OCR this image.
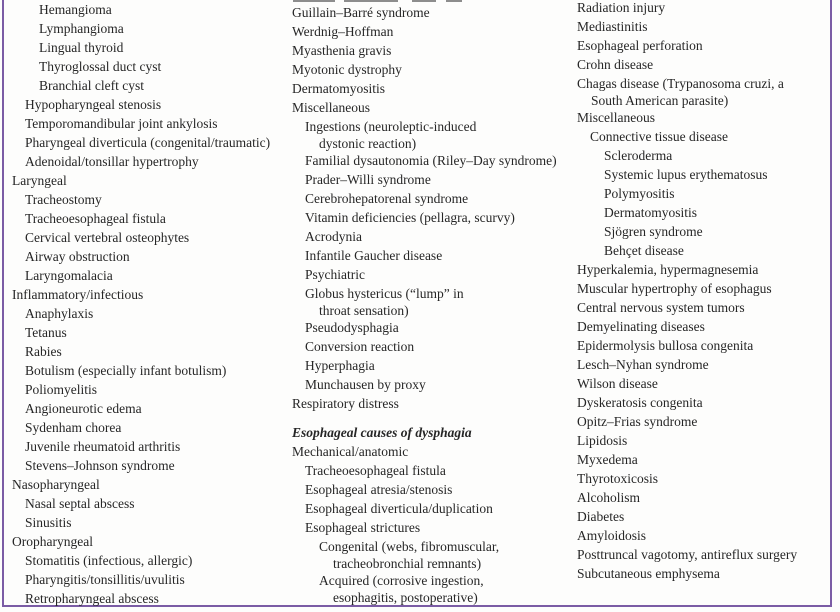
Hemangioma
Lymphangioma
Lingual thyroid
Thyroglossal duct cyst
Branchial cleft cyst
Hypopharyngeal stenosis
Temporomandibular joint ankylosis
Pharyngeal diverticula (congenital/traumatic)
Adenoidal/tonsillar hypertrophy
Laryngeal
Tracheostomy
Tracheoesophageal fistula
Cervical vertebral osteophytes
Airway obstruction
Laryngomalacia
Inflammatory/infectious
Anaphylaxis
Tetanus
Rabies
Botulism (especially infant botulism)
Poliomyelitis
Angioneurotic edema
Sydenham chorea
Juvenile rheumatoid arthritis
Stevens–Johnson syndrome
Nasopharyngeal
Nasal septal abscess
Sinusitis
Oropharyngeal
Stomatitis (infectious, allergic)
Pharyngitis/tonsillitis/uvulitis
Retropharyngeal abscess
Guillain–Barré syndrome
Werdnig–Hoffman
Myasthenia gravis
Myotonic dystrophy
Dermatomyositis
Miscellaneous
Ingestions (neuroleptic-induced
dystonic reaction)
Familial dysautonomia (Riley–Day syndrome)
Prader–Willi syndrome
Cerebrohepatorenal syndrome
Vitamin deficiencies (pellagra, scurvy)
Acrodynia
Infantile Gaucher disease
Psychiatric
Globus hystericus (“lump” in
throat sensation)
Pseudodysphagia
Conversion reaction
Hyperphagia
Munchausen by proxy
Respiratory distress
Esophageal causes of dysphagia
Mechanical/anatomic
Tracheoesophageal fistula
Esophageal atresia/stenosis
Esophageal diverticula/duplication
Esophageal strictures
Congenital (webs, fibromuscular,
tracheobronchial remnants)
Acquired (corrosive ingestion,
esophagitis, postoperative)
Radiation injury
Mediastinitis
Esophageal perforation
Crohn disease
Chagas disease (Trypanosoma cruzi, a
South American parasite)
Miscellaneous
Connective tissue disease
Scleroderma
Systemic lupus erythematosus
Polymyositis
Dermatomyositis
Sjögren syndrome
Behçet disease
Hyperkalemia, hypermagnesemia
Muscular hypertrophy of esophagus
Central nervous system tumors
Demyelinating diseases
Epidermolysis bullosa congenita
Lesch–Nyhan syndrome
Wilson disease
Dyskeratosis congenita
Opitz–Frias syndrome
Lipidosis
Myxedema
Thyrotoxicosis
Alcoholism
Diabetes
Amyloidosis
Posttruncal vagotomy, antireflux surgery
Subcutaneous emphysema
